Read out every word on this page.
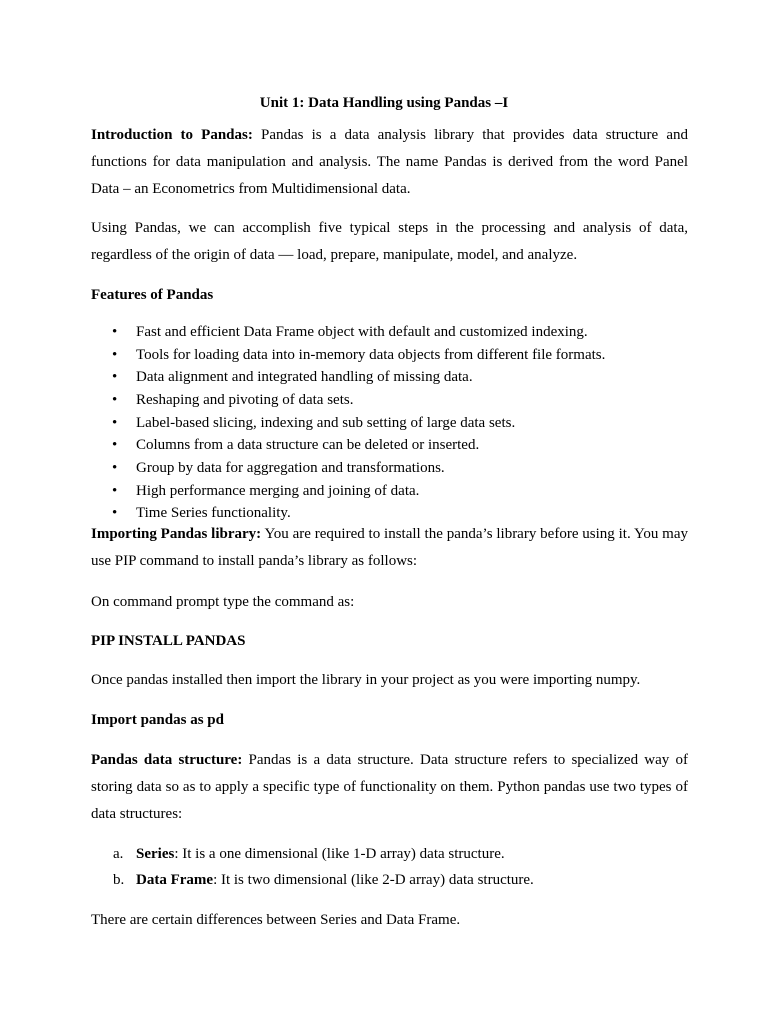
Unit 1: Data Handling using Pandas –I

Introduction to Pandas: Pandas is a data analysis library that provides data structure and functions for data manipulation and analysis. The name Pandas is derived from the word Panel Data – an Econometrics from Multidimensional data.

Using Pandas, we can accomplish five typical steps in the processing and analysis of data, regardless of the origin of data — load, prepare, manipulate, model, and analyze.

Features of Pandas

• Fast and efficient Data Frame object with default and customized indexing.
• Tools for loading data into in-memory data objects from different file formats.
• Data alignment and integrated handling of missing data.
• Reshaping and pivoting of data sets.
• Label-based slicing, indexing and sub setting of large data sets.
• Columns from a data structure can be deleted or inserted.
• Group by data for aggregation and transformations.
• High performance merging and joining of data.
• Time Series functionality.

Importing Pandas library: You are required to install the panda’s library before using it. You may use PIP command to install panda’s library as follows:

On command prompt type the command as:

PIP INSTALL PANDAS

Once pandas installed then import the library in your project as you were importing numpy.

Import pandas as pd

Pandas data structure: Pandas is a data structure. Data structure refers to specialized way of storing data so as to apply a specific type of functionality on them. Python pandas use two types of data structures:

a. Series: It is a one dimensional (like 1-D array) data structure.
b. Data Frame: It is two dimensional (like 2-D array) data structure.

There are certain differences between Series and Data Frame.
